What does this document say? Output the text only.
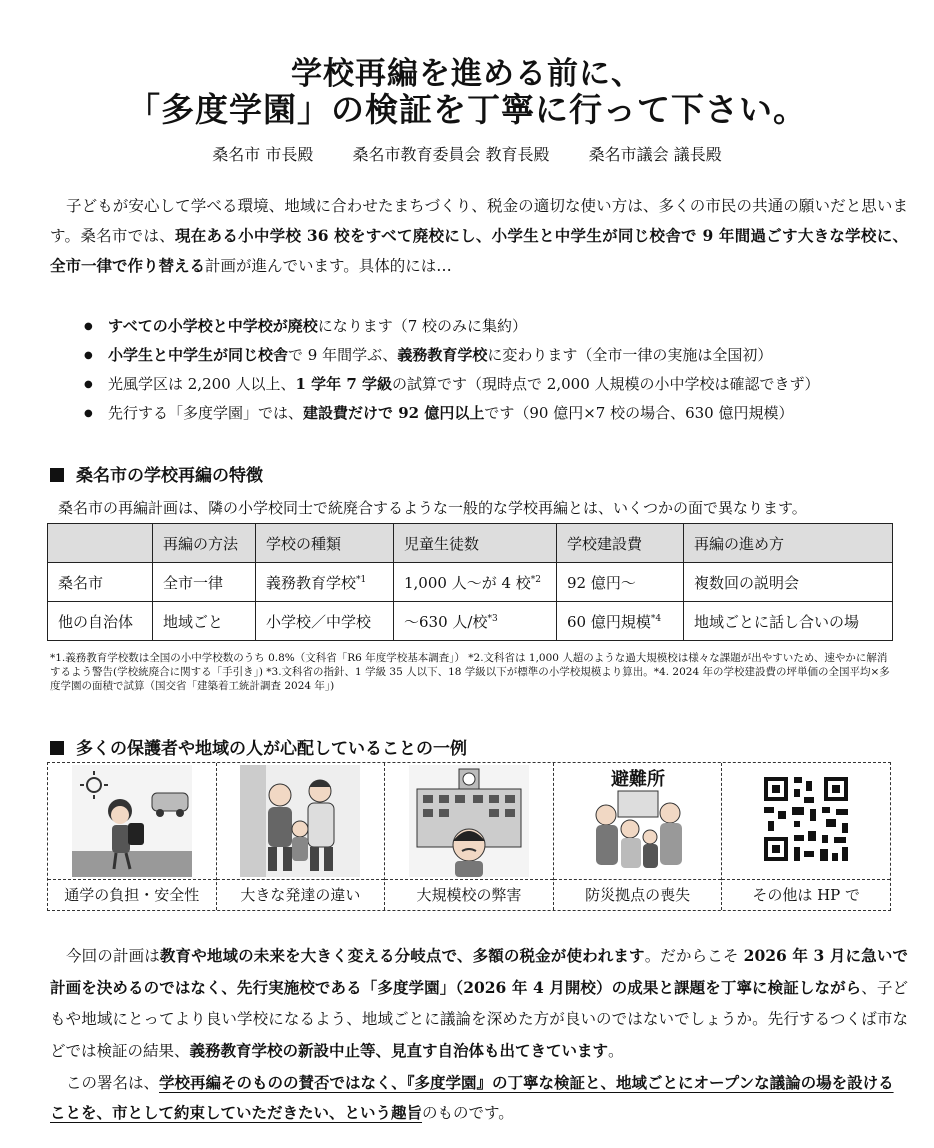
学校再編を進める前に、
「多度学園」の検証を丁寧に行って下さい。
桑名市 市長殿 桑名市教育委員会 教育長殿 桑名市議会 議長殿
子どもが安心して学べる環境、地域に合わせたまちづくり、税金の適切な使い方は、多くの市民の共通の願いだと思います。桑名市では、現在ある小中学校 36 校をすべて廃校にし、小学生と中学生が同じ校舎で 9 年間過ごす大きな学校に、全市一律で作り替える計画が進んでいます。具体的には…
● すべての小学校と中学校が廃校になります（7 校のみに集約）
● 小学生と中学生が同じ校舎で 9 年間学ぶ、義務教育学校に変わります（全市一律の実施は全国初）
● 光風学区は 2,200 人以上、1 学年 7 学級の試算です（現時点で 2,000 人規模の小中学校は確認できず）
● 先行する「多度学園」では、建設費だけで 92 億円以上です（90 億円×7 校の場合、630 億円規模）
桑名市の学校再編の特徴
桑名市の再編計画は、隣の小学校同士で統廃合するような一般的な学校再編とは、いくつかの面で異なります。
	再編の方法	学校の種類	児童生徒数	学校建設費	再編の進め方
桑名市	全市一律	義務教育学校$^{*1}$	1,000 人～が 4 校$^{*2}$	92 億円～	複数回の説明会
他の自治体	地域ごと	小学校／中学校	～630 人/校$^{*3}$	60 億円規模$^{*4}$	地域ごとに話し合いの場
*1.義務教育学校数は全国の小中学校数のうち 0.8%（文科省「R6 年度学校基本調査」） *2.文科省は 1,000 人超のような過大規模校は様々な課題が出やすいため、速やかに解消するよう警告(学校統廃合に関する「手引き」) *3.文科省の指針、1 学級 35 人以下、18 学級以下が標準の小学校規模より算出。*4. 2024 年の学校建設費の坪単価の全国平均×多度学園の面積で試算（国交省「建築着工統計調査 2024 年」)
多くの保護者や地域の人が心配していることの一例
通学の負担・安全性	大きな発達の違い	大規模校の弊害
避難所
防災拠点の喪失	その他は HP で
今回の計画は教育や地域の未来を大きく変える分岐点で、多額の税金が使われます。だからこそ 2026 年 3 月に急いで計画を決めるのではなく、先行実施校である「多度学園」（2026 年 4 月開校）の成果と課題を丁寧に検証しながら、子どもや地域にとってより良い学校になるよう、地域ごとに議論を深めた方が良いのではないでしょうか。先行するつくば市などでは検証の結果、義務教育学校の新設中止等、見直す自治体も出てきています。
この署名は、学校再編そのものの賛否ではなく、『多度学園』の丁寧な検証と、地域ごとにオープンな議論の場を設けることを、市として約束していただきたい、という趣旨のものです。
